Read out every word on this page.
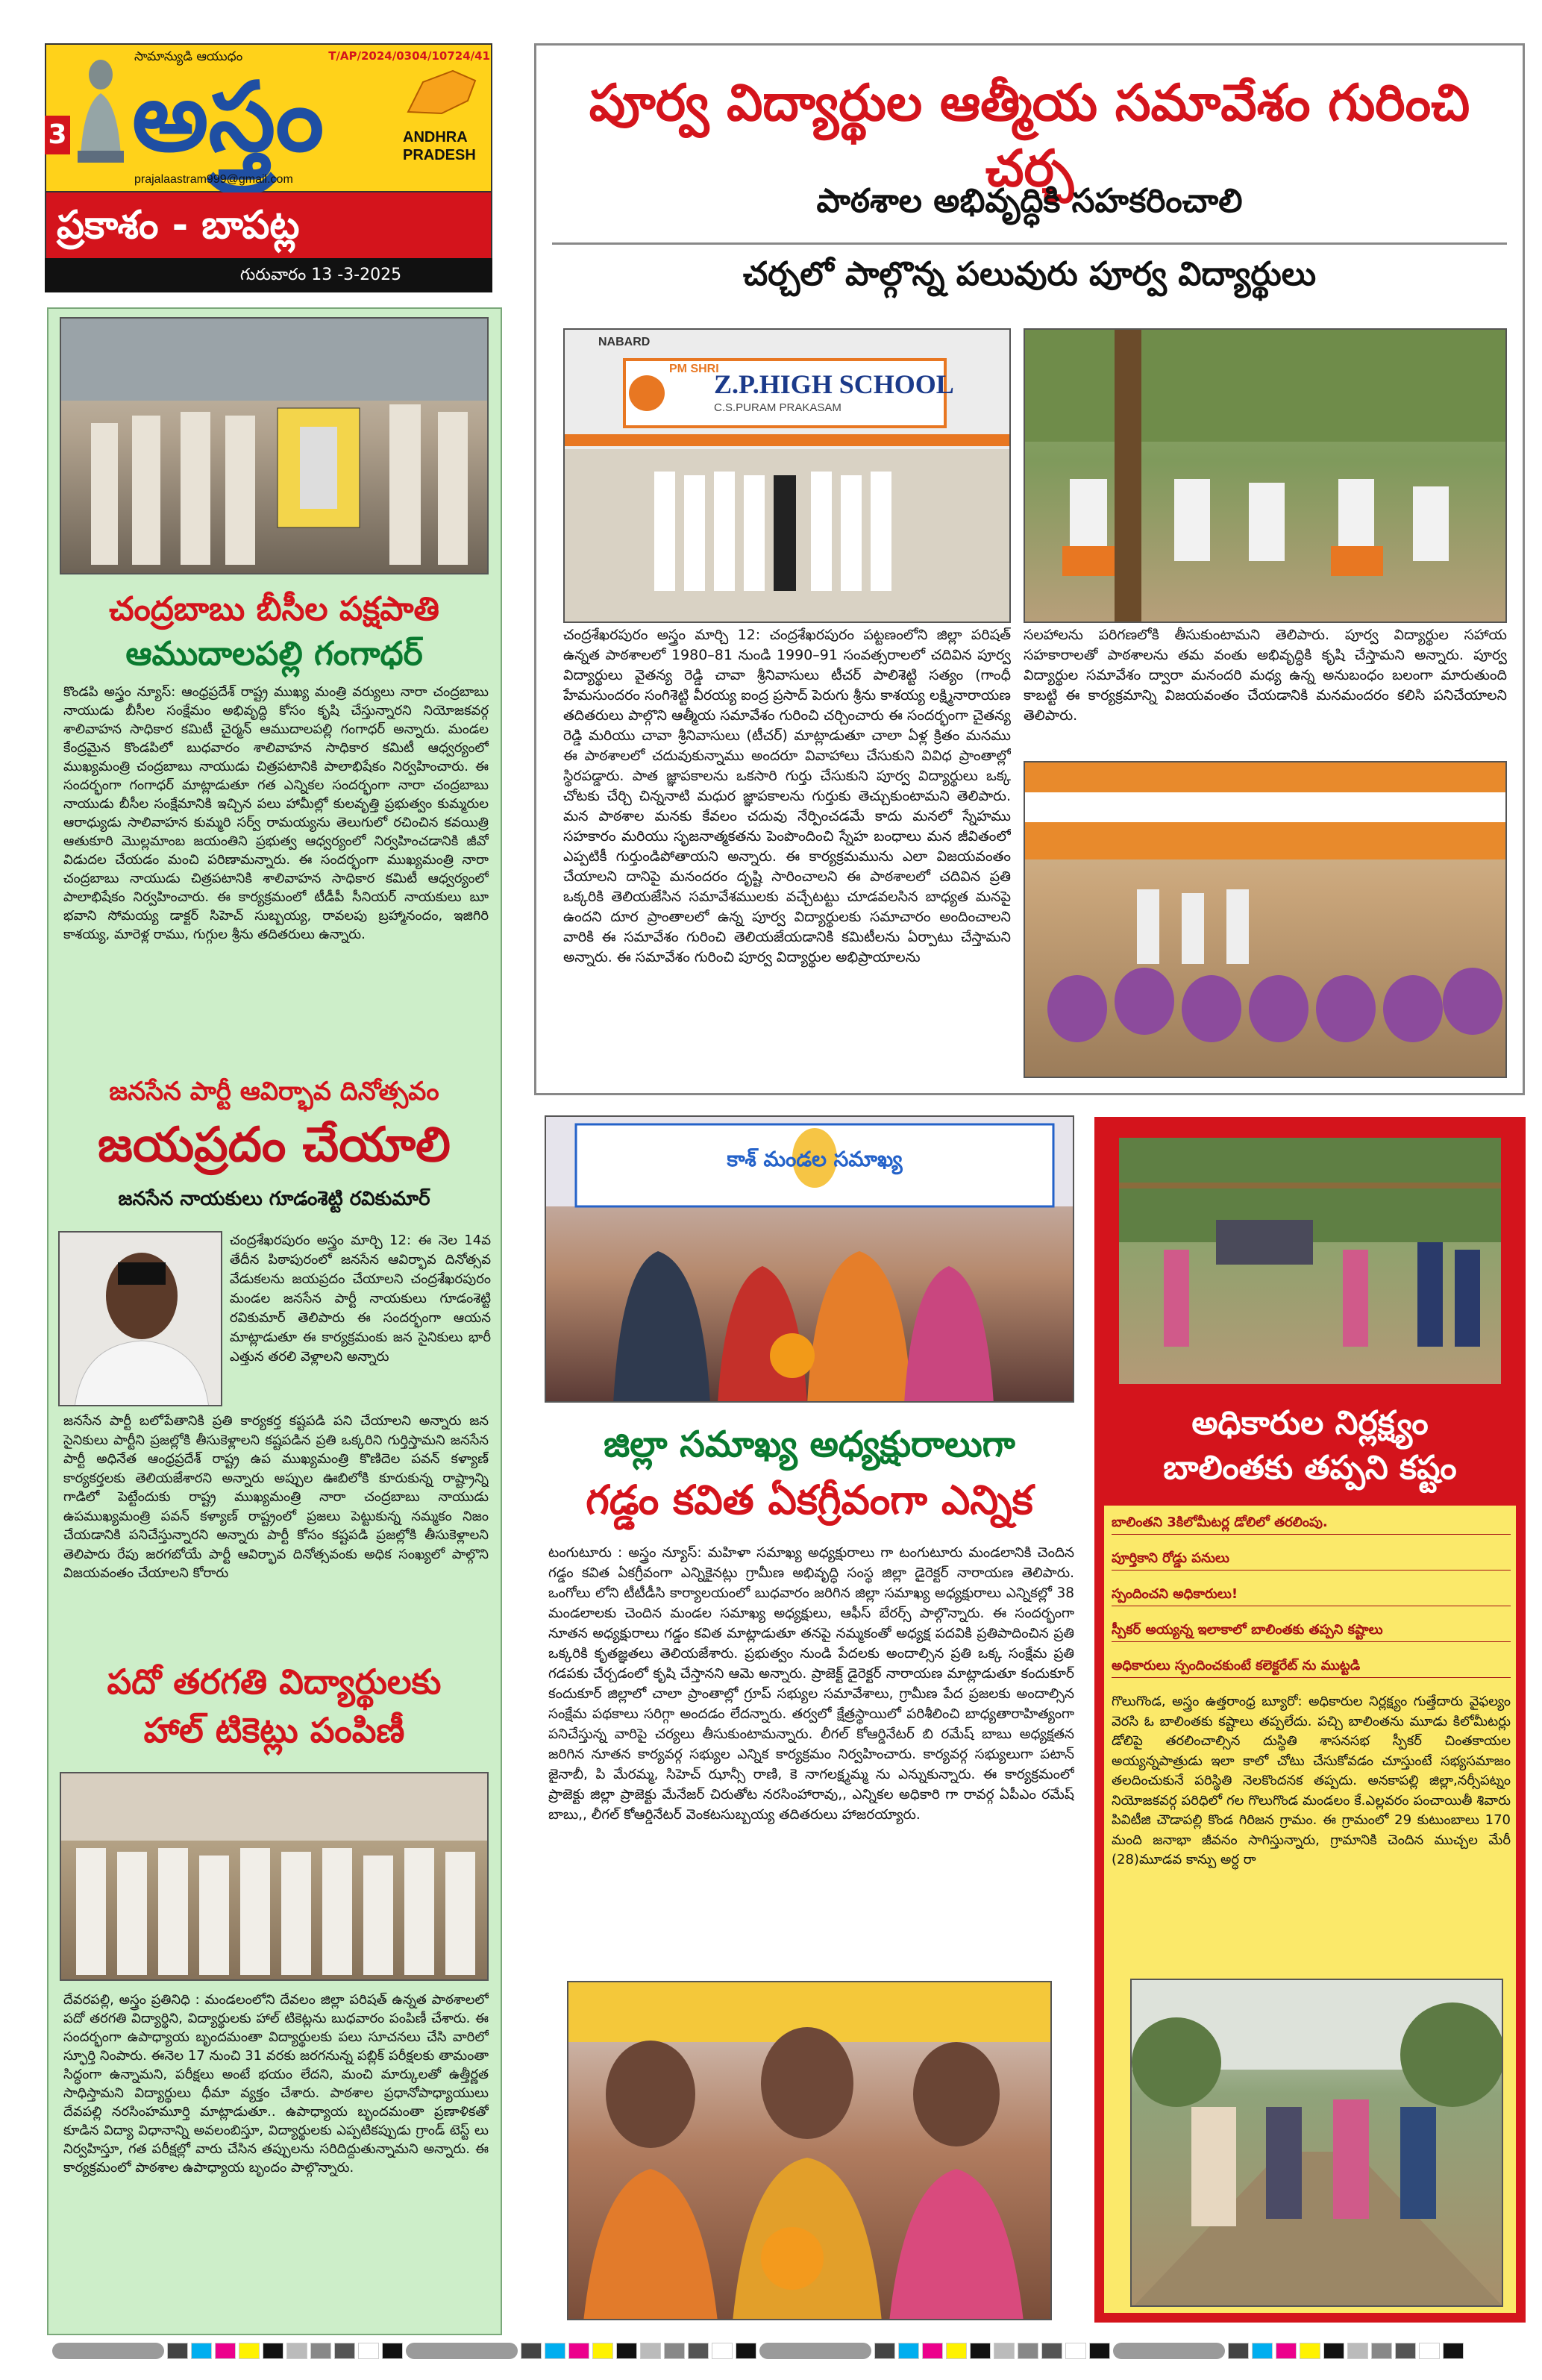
3
సామాన్యుడి ఆయుధం	T/AP/2024/0304/10724/41
అస్త్రం	ANDHRA PRADESH
prajalaastram999@gmail.com
ప్రకాశం - బాపట్ల
గురువారం 13 -3-2025
చంద్రబాబు బీసీల పక్షపాతి
ఆముదాలపల్లి గంగాధర్
కొండపి అస్త్రం న్యూస్: ఆంధ్రప్రదేశ్ రాష్ట్ర ముఖ్య మంత్రి వర్యులు నారా చంద్రబాబు నాయుడు బీసీల సంక్షేమం అభివృద్ధి కోసం కృషి చేస్తున్నారని నియోజకవర్గ శాలివాహన సాధికార కమిటీ చైర్మన్ ఆముదాలపల్లి గంగాధర్ అన్నారు. మండల కేంద్రమైన కొండపిలో బుధవారం శాలివాహన సాధికార కమిటీ ఆధ్వర్యంలో ముఖ్యమంత్రి చంద్రబాబు నాయుడు చిత్రపటానికి పాలాభిషేకం నిర్వహించారు. ఈ సందర్భంగా గంగాధర్ మాట్లాడుతూ గత ఎన్నికల సందర్భంగా నారా చంద్రబాబు నాయుడు బీసీల సంక్షేమానికి ఇచ్చిన పలు హామీల్లో కులవృత్తి ప్రభుత్వం కుమ్మరుల ఆరాధ్యుడు సాలివాహన కుమ్మరి సర్వ్ రామయ్యను తెలుగులో రచించిన కవయిత్రి ఆతుకూరి మొల్లమాంబ జయంతిని ప్రభుత్వ ఆధ్వర్యంలో నిర్వహించడానికి జీవో విడుదల చేయడం మంచి పరిణామన్నారు. ఈ సందర్భంగా ముఖ్యమంత్రి నారా చంద్రబాబు నాయుడు చిత్రపటానికి శాలివాహన సాధికార కమిటీ ఆధ్వర్యంలో పాలాభిషేకం నిర్వహించారు. ఈ కార్యక్రమంలో టీడీపీ సీనియర్ నాయకులు బూ భవాని సోమయ్య డాక్టర్ సిహెచ్ సుబ్బయ్య, రావలపు బ్రహ్మానందం, ఇజిగిరి కాశయ్య, మారెళ్ల రాము, గుగ్గుల శ్రీను తదితరులు ఉన్నారు.
జనసేన పార్టీ ఆవిర్భావ దినోత్సవం
జయప్రదం చేయాలి
జనసేన నాయకులు గూడంశెట్టి రవికుమార్
చంద్రశేఖరపురం అస్త్రం మార్చి 12: ఈ నెల 14వ తేదీన పిఠాపురంలో జనసేన ఆవిర్భావ దినోత్సవ వేడుకలను జయప్రదం చేయాలని చంద్రశేఖరపురం మండల జనసేన పార్టీ నాయకులు గూడంశెట్టి రవికుమార్ తెలిపారు ఈ సందర్భంగా ఆయన మాట్లాడుతూ ఈ కార్యక్రమంకు జన సైనికులు భారీ ఎత్తున తరలి వెళ్లాలని అన్నారు
జనసేన పార్టీ బలోపేతానికి ప్రతి కార్యకర్త కష్టపడి పని చేయాలని అన్నారు జన సైనికులు పార్టీని ప్రజల్లోకి తీసుకెళ్లాలని కష్టపడిన ప్రతి ఒక్కరిని గుర్తిస్తామని జనసేన పార్టీ అధినేత ఆంధ్రప్రదేశ్ రాష్ట్ర ఉప ముఖ్యమంత్రి కొణిదెల పవన్ కళ్యాణ్ కార్యకర్తలకు తెలియజేశారని అన్నారు అప్పుల ఊబిలోకి కూరుకున్న రాష్ట్రాన్ని గాడిలో పెట్టేందుకు రాష్ట్ర ముఖ్యమంత్రి నారా చంద్రబాబు నాయుడు ఉపముఖ్యమంత్రి పవన్ కళ్యాణ్ రాష్ట్రంలో ప్రజలు పెట్టుకున్న నమ్మకం నిజం చేయడానికి పనిచేస్తున్నారని అన్నారు పార్టీ కోసం కష్టపడి ప్రజల్లోకి తీసుకెళ్లాలని తెలిపారు రేపు జరగబోయే పార్టీ ఆవిర్భావ దినోత్సవంకు అధిక సంఖ్యలో పాల్గొని విజయవంతం చేయాలని కోరారు
పదో తరగతి విద్యార్థులకు
హాల్ టికెట్లు పంపిణీ
దేవరపల్లి, అస్త్రం ప్రతినిధి : మండలంలోని దేవలం జిల్లా పరిషత్ ఉన్నత పాఠశాలలో పదో తరగతి విద్యార్థిని, విద్యార్థులకు హాల్ టికెట్లను బుధవారం పంపిణీ చేశారు. ఈ సందర్భంగా ఉపాధ్యాయ బృందమంతా విద్యార్థులకు పలు సూచనలు చేసి వారిలో స్ఫూర్తి నింపారు. ఈనెల 17 నుంచి 31 వరకు జరగనున్న పబ్లిక్ పరీక్షలకు తామంతా సిద్ధంగా ఉన్నామని, పరీక్షలు అంటే భయం లేదని, మంచి మార్కులతో ఉత్తీర్ణత సాధిస్తామని విద్యార్థులు ధీమా వ్యక్తం చేశారు. పాఠశాల ప్రధానోపాధ్యాయులు దేవపల్లి నరసింహమూర్తి మాట్లాడుతూ.. ఉపాధ్యాయ బృందమంతా ప్రణాళికతో కూడిన విద్యా విధానాన్ని అవలంబిస్తూ, విద్యార్థులకు ఎప్పటికప్పుడు గ్రాండ్ టెస్ట్ లు నిర్వహిస్తూ, గత పరీక్షల్లో వారు చేసిన తప్పులను సరిదిద్దుతున్నామని అన్నారు. ఈ కార్యక్రమంలో పాఠశాల ఉపాధ్యాయ బృందం పాల్గొన్నారు.
పూర్వ విద్యార్థుల ఆత్మీయ సమావేశం గురించి చర్చ
పాఠశాల అభివృద్ధికి సహకరించాలి
చర్చలో పాల్గొన్న పలువురు పూర్వ విద్యార్థులు
NABARD
PM SHRI
Z.P.HIGH SCHOOL
C.S.PURAM PRAKASAM
చంద్రశేఖరపురం అస్త్రం మార్చి 12: చంద్రశేఖరపురం పట్టణంలోని జిల్లా పరిషత్ ఉన్నత పాఠశాలలో 1980–81 నుండి 1990–91 సంవత్సరాలలో చదివిన పూర్వ విద్యార్థులు వైతన్య రెడ్డి చావా శ్రీనివాసులు టీచర్ పాలిశెట్టి సత్యం (గాంధీ హేమసుందరం సంగిశెట్టి వీరయ్య ఐంద్ర ప్రసాద్ పెరుగు శ్రీను కాశయ్య లక్ష్మినారాయణ తదితరులు పాల్గొని ఆత్మీయ సమావేశం గురించి చర్చించారు ఈ సందర్భంగా చైతన్య రెడ్డి మరియు చావా శ్రీనివాసులు (టీచర్) మాట్లాడుతూ చాలా ఏళ్ల క్రితం మనము ఈ పాఠశాలలో చదువుకున్నాము అందరూ వివాహాలు చేసుకుని వివిధ ప్రాంతాల్లో స్థిరపడ్డారు. పాత జ్ఞాపకాలను ఒకసారి గుర్తు చేసుకుని పూర్వ విద్యార్థులు ఒక్క చోటకు చేర్చి చిన్ననాటి మధుర జ్ఞాపకాలను గుర్తుకు తెచ్చుకుంటామని తెలిపారు. మన పాఠశాల మనకు కేవలం చదువు నేర్పించడమే కాదు మనలో స్నేహము సహకారం మరియు సృజనాత్మకతను పెంపొందించి స్నేహ బంధాలు మన జీవితంలో ఎప్పటికీ గుర్తుండిపోతాయని అన్నారు. ఈ కార్యక్రమమును ఎలా విజయవంతం చేయాలని దానిపై మనందరం దృష్టి సారించాలని ఈ పాఠశాలలో చదివిన ప్రతి ఒక్కరికి తెలియజేసిన సమావేశములకు వచ్చేటట్టు చూడవలసిన బాధ్యత మనపై ఉందని దూర ప్రాంతాలలో ఉన్న పూర్వ విద్యార్థులకు సమాచారం అందించాలని వారికి ఈ సమావేశం గురించి తెలియజేయడానికి కమిటీలను ఏర్పాటు చేస్తామని అన్నారు. ఈ సమావేశం గురించి పూర్వ విద్యార్థుల అభిప్రాయాలను
సలహాలను పరిగణలోకి తీసుకుంటామని తెలిపారు. పూర్వ విద్యార్థుల సహాయ సహకారాలతో పాఠశాలను తమ వంతు అభివృద్ధికి కృషి చేస్తామని అన్నారు. పూర్వ విద్యార్థుల సమావేశం ద్వారా మనందరి మధ్య ఉన్న అనుబంధం బలంగా మారుతుంది కాబట్టి ఈ కార్యక్రమాన్ని విజయవంతం చేయడానికి మనమందరం కలిసి పనిచేయాలని తెలిపారు.
కాశ్ మండల సమాఖ్య
జిల్లా సమాఖ్య అధ్యక్షురాలుగా
గడ్డం కవిత ఏకగ్రీవంగా ఎన్నిక
టంగుటూరు : అస్త్రం న్యూస్: మహిళా సమాఖ్య అధ్యక్షురాలు గా టంగుటూరు మండలానికి చెందిన గడ్డం కవిత ఏకగ్రీవంగా ఎన్నికైనట్లు గ్రామీణ అభివృద్ధి సంస్థ జిల్లా డైరెక్టర్ నారాయణ తెలిపారు. ఒంగోలు లోని టీటీడీసి కార్యాలయంలో బుధవారం జరిగిన జిల్లా సమాఖ్య అధ్యక్షురాలు ఎన్నికల్లో 38 మండలాలకు చెందిన మండల సమాఖ్య అధ్యక్షులు, ఆఫీస్ బేరర్స్ పాల్గొన్నారు. ఈ సందర్భంగా నూతన అధ్యక్షురాలు గడ్డం కవిత మాట్లాడుతూ తనపై నమ్మకంతో అధ్యక్ష పదవికి ప్రతిపాదించిన ప్రతి ఒక్కరికి కృతజ్ఞతలు తెలియజేశారు. ప్రభుత్వం నుండి పేదలకు అందాల్సిన ప్రతి ఒక్క సంక్షేమ ప్రతి గడపకు చేర్చడంలో కృషి చేస్తానని ఆమె అన్నారు. ప్రాజెక్ట్ డైరెక్టర్ నారాయణ మాట్లాడుతూ కందుకూర్ కందుకూర్ జిల్లాలో చాలా ప్రాంతాల్లో గ్రూప్ సభ్యుల సమావేశాలు, గ్రామీణ పేద ప్రజలకు అందాల్సిన సంక్షేమ పథకాలు సరిగ్గా అందడం లేదన్నారు. తర్వలో క్షేత్రస్థాయిలో పరిశీలించి బాధ్యతారాహిత్యంగా పనిచేస్తున్న వారిపై చర్యలు తీసుకుంటామన్నారు. లీగల్ కోఆర్డినేటర్ బి రమేష్ బాబు అధ్యక్షతన జరిగిన నూతన కార్యవర్గ సభ్యుల ఎన్నిక కార్యక్రమం నిర్వహించారు. కార్యవర్గ సభ్యులుగా పటాన్ జైనాబీ, పి మేరమ్మ, సిహెచ్ ఝాన్సీ రాణి, కె నాగలక్ష్మమ్మ ను ఎన్నుకున్నారు. ఈ కార్యక్రమంలో ప్రాజెక్టు జిల్లా ప్రాజెక్టు మేనేజర్ చిరుతోట నరసింహారావు,, ఎన్నికల అధికారి గా రావర్గ ఏపీఎం రమేష్ బాబు,, లీగల్ కోఆర్డినేటర్ వెంకటసుబ్బయ్య తదితరులు హాజరయ్యారు.
అధికారుల నిర్లక్ష్యం
బాలింతకు తప్పని కష్టం
బాలింతని 3కిలోమీటర్ల డోలిలో తరలింపు.
పూర్తికాని రోడ్డు పనులు
స్పందించని అధికారులు!
స్పీకర్ అయ్యన్న ఇలాకాలో బాలింతకు తప్పని కష్టాలు
అధికారులు స్పందించకుంటే కలెక్టరేట్ ను ముట్టడి
గొలుగొండ, అస్త్రం ఉత్తరాంధ్ర బ్యూరో: అధికారుల నిర్లక్ష్యం గుత్తేదారు వైఫల్యం వెరసి ఓ బాలింతకు కష్టాలు తప్పలేదు. పచ్చి బాలింతను మూడు కిలోమీటర్లు డోలిపై తరలించాల్సిన దుస్థితి శాసనసభ స్పీకర్ చింతకాయల అయ్యన్నపాత్రుడు ఇలా కాలో చోటు చేసుకోవడం చూస్తుంటే సభ్యసమాజం తలదించుకునే పరిస్థితి నెలకొందనక తప్పదు. అనకాపల్లి జిల్లా,నర్సీపట్నం నియోజకవర్గ పరిధిలో గల గొలుగొండ మండలం కే.ఎల్లవరం పంచాయితీ శివారు పివిటీజి చౌడాపల్లి కొండ గిరిజన గ్రామం. ఈ గ్రామంలో 29 కుటుంబాలు 170 మంది జనాభా జీవనం సాగిస్తున్నారు, గ్రామానికి చెందిన ముచ్చల మేరీ (28)మూడవ కాన్పు అర్ధ రా
